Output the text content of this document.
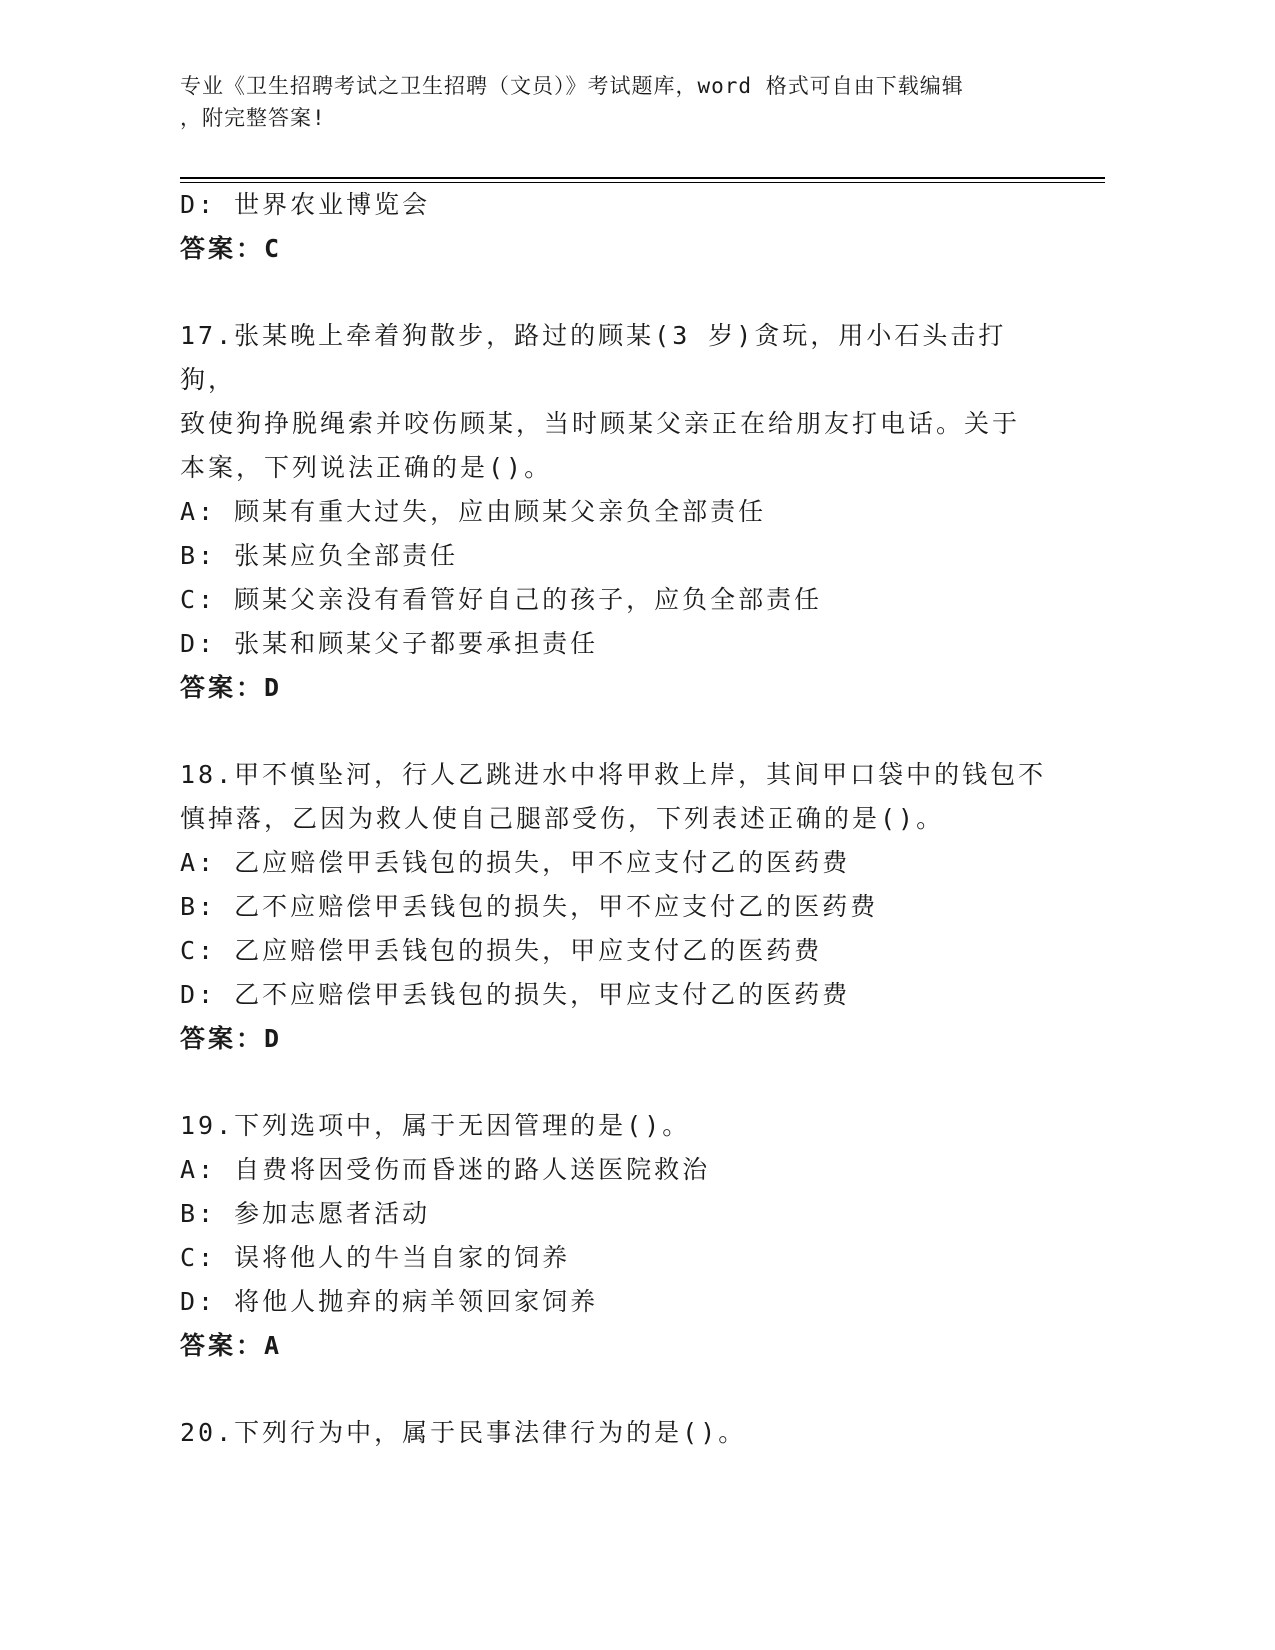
专业《卫生招聘考试之卫生招聘（文员）》考试题库，word 格式可自由下载编辑
，附完整答案!
D: 世界农业博览会
答案：C
17.张某晚上牵着狗散步，路过的顾某(3 岁)贪玩，用小石头击打狗，
致使狗挣脱绳索并咬伤顾某，当时顾某父亲正在给朋友打电话。关于
本案，下列说法正确的是()。
A: 顾某有重大过失，应由顾某父亲负全部责任
B: 张某应负全部责任
C: 顾某父亲没有看管好自己的孩子，应负全部责任
D: 张某和顾某父子都要承担责任
答案：D
18.甲不慎坠河，行人乙跳进水中将甲救上岸，其间甲口袋中的钱包不
慎掉落，乙因为救人使自己腿部受伤，下列表述正确的是()。
A: 乙应赔偿甲丢钱包的损失，甲不应支付乙的医药费
B: 乙不应赔偿甲丢钱包的损失，甲不应支付乙的医药费
C: 乙应赔偿甲丢钱包的损失，甲应支付乙的医药费
D: 乙不应赔偿甲丢钱包的损失，甲应支付乙的医药费
答案：D
19.下列选项中，属于无因管理的是()。
A: 自费将因受伤而昏迷的路人送医院救治
B: 参加志愿者活动
C: 误将他人的牛当自家的饲养
D: 将他人抛弃的病羊领回家饲养
答案：A
20.下列行为中，属于民事法律行为的是()。
